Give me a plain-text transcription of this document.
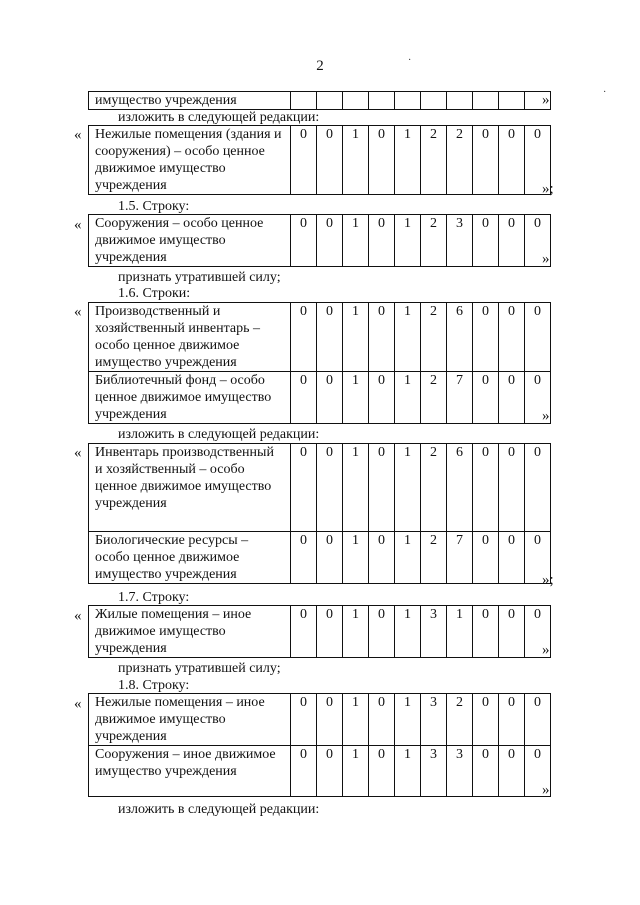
2
имущество учреждения											»
изложить в следующей редакции:
« Нежилые помещения (здания и сооружения) – особо ценное движимое имущество учреждения	0	0	1	0	1	2	2	0	0	0
»;
1.5. Строку:
« Сооружения – особо ценное движимое имущество учреждения	0	0	1	0	1	2	3	0	0	0
»
признать утратившей силу;
1.6. Строки:
« Производственный и хозяйственный инвентарь – особо ценное движимое имущество учреждения	0	0	1	0	1	2	6	0	0	0
Библиотечный фонд – особо ценное движимое имущество учреждения	0	0	1	0	1	2	7	0	0	0
»
изложить в следующей редакции:
« Инвентарь производственный и хозяйственный – особо ценное движимое имущество учреждения	0	0	1	0	1	2	6	0	0	0
Биологические ресурсы – особо ценное движимое имущество учреждения	0	0	1	0	1	2	7	0	0	0
»;
1.7. Строку:
« Жилые помещения – иное движимое имущество учреждения	0	0	1	0	1	3	1	0	0	0
»
признать утратившей силу;
1.8. Строку:
« Нежилые помещения – иное движимое имущество учреждения	0	0	1	0	1	3	2	0	0	0
Сооружения – иное движимое имущество учреждения	0	0	1	0	1	3	3	0	0	0
»
изложить в следующей редакции:
·
·
